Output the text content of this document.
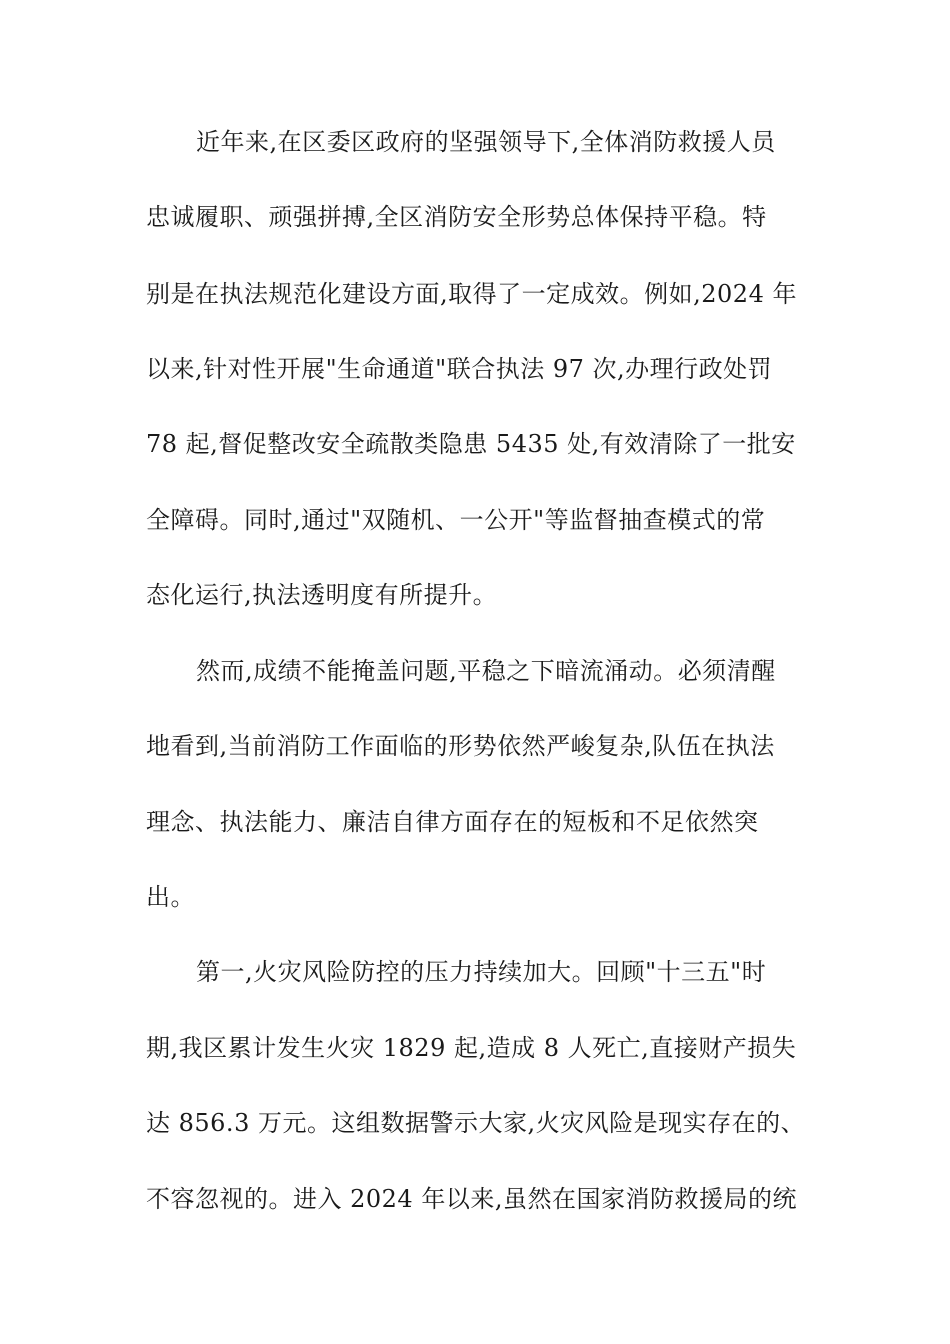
近年来,在区委区政府的坚强领导下,全体消防救援人员
忠诚履职、顽强拼搏,全区消防安全形势总体保持平稳。特
别是在执法规范化建设方面,取得了一定成效。例如,2024 年
以来,针对性开展"生命通道"联合执法 97 次,办理行政处罚
78 起,督促整改安全疏散类隐患 5435 处,有效清除了一批安
全障碍。同时,通过"双随机、一公开"等监督抽查模式的常
态化运行,执法透明度有所提升。
然而,成绩不能掩盖问题,平稳之下暗流涌动。必须清醒
地看到,当前消防工作面临的形势依然严峻复杂,队伍在执法
理念、执法能力、廉洁自律方面存在的短板和不足依然突
出。
第一,火灾风险防控的压力持续加大。回顾"十三五"时
期,我区累计发生火灾 1829 起,造成 8 人死亡,直接财产损失
达 856.3 万元。这组数据警示大家,火灾风险是现实存在的、
不容忽视的。进入 2024 年以来,虽然在国家消防救援局的统
